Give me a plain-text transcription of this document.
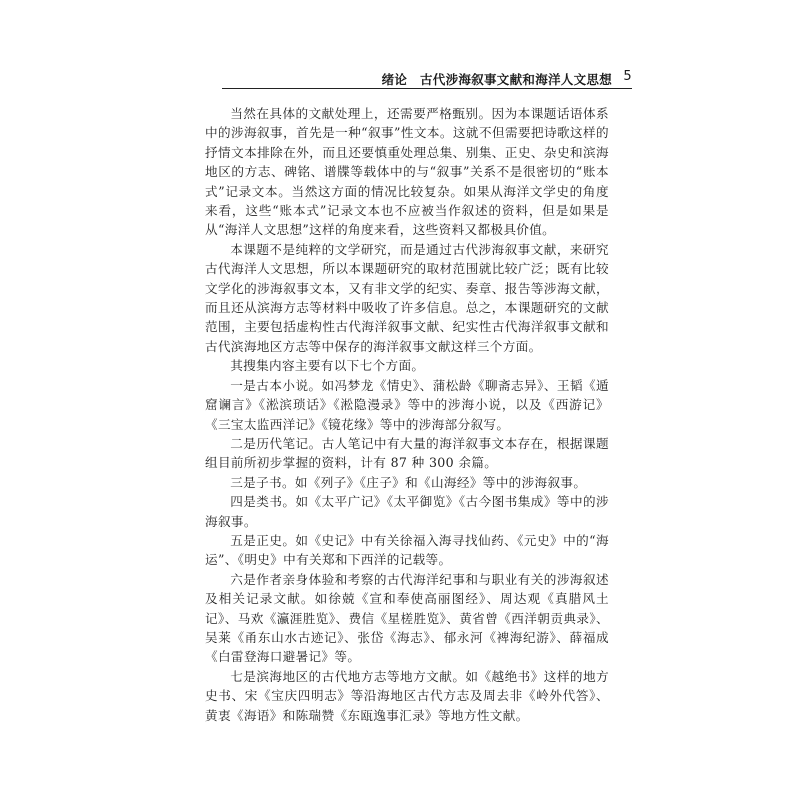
绪论　古代涉海叙事文献和海洋人文思想 5

当然在具体的文献处理上，还需要严格甄别。因为本课题话语体系中的涉海叙事，首先是一种“叙事”性文本。这就不但需要把诗歌这样的抒情文本排除在外，而且还要慎重处理总集、别集、正史、杂史和滨海地区的方志、碑铭、谱牒等载体中的与“叙事”关系不是很密切的“账本式”记录文本。当然这方面的情况比较复杂。如果从海洋文学史的角度来看，这些“账本式”记录文本也不应被当作叙述的资料，但是如果是从“海洋人文思想”这样的角度来看，这些资料又都极具价值。

本课题不是纯粹的文学研究，而是通过古代涉海叙事文献，来研究古代海洋人文思想，所以本课题研究的取材范围就比较广泛；既有比较文学化的涉海叙事文本，又有非文学的纪实、奏章、报告等涉海文献，而且还从滨海方志等材料中吸收了许多信息。总之，本课题研究的文献范围，主要包括虚构性古代海洋叙事文献、纪实性古代海洋叙事文献和古代滨海地区方志等中保存的海洋叙事文献这样三个方面。

其搜集内容主要有以下七个方面。

一是古本小说。如冯梦龙《情史》、蒲松龄《聊斋志异》、王韬《遁窟谰言》《淞滨琐话》《淞隐漫录》等中的涉海小说，以及《西游记》《三宝太监西洋记》《镜花缘》等中的涉海部分叙写。

二是历代笔记。古人笔记中有大量的海洋叙事文本存在，根据课题组目前所初步掌握的资料，计有 87 种 300 余篇。

三是子书。如《列子》《庄子》和《山海经》等中的涉海叙事。

四是类书。如《太平广记》《太平御览》《古今图书集成》等中的涉海叙事。

五是正史。如《史记》中有关徐福入海寻找仙药、《元史》中的“海运”、《明史》中有关郑和下西洋的记载等。

六是作者亲身体验和考察的古代海洋纪事和与职业有关的涉海叙述及相关记录文献。如徐兢《宣和奉使高丽图经》、周达观《真腊风土记》、马欢《瀛涯胜览》、费信《星槎胜览》、黄省曾《西洋朝贡典录》、吴莱《甬东山水古迹记》、张岱《海志》、郁永河《裨海纪游》、薛福成《白雷登海口避暑记》等。

七是滨海地区的古代地方志等地方文献。如《越绝书》这样的地方史书、宋《宝庆四明志》等沿海地区古代方志及周去非《岭外代答》、黄衷《海语》和陈瑞赞《东瓯逸事汇录》等地方性文献。
